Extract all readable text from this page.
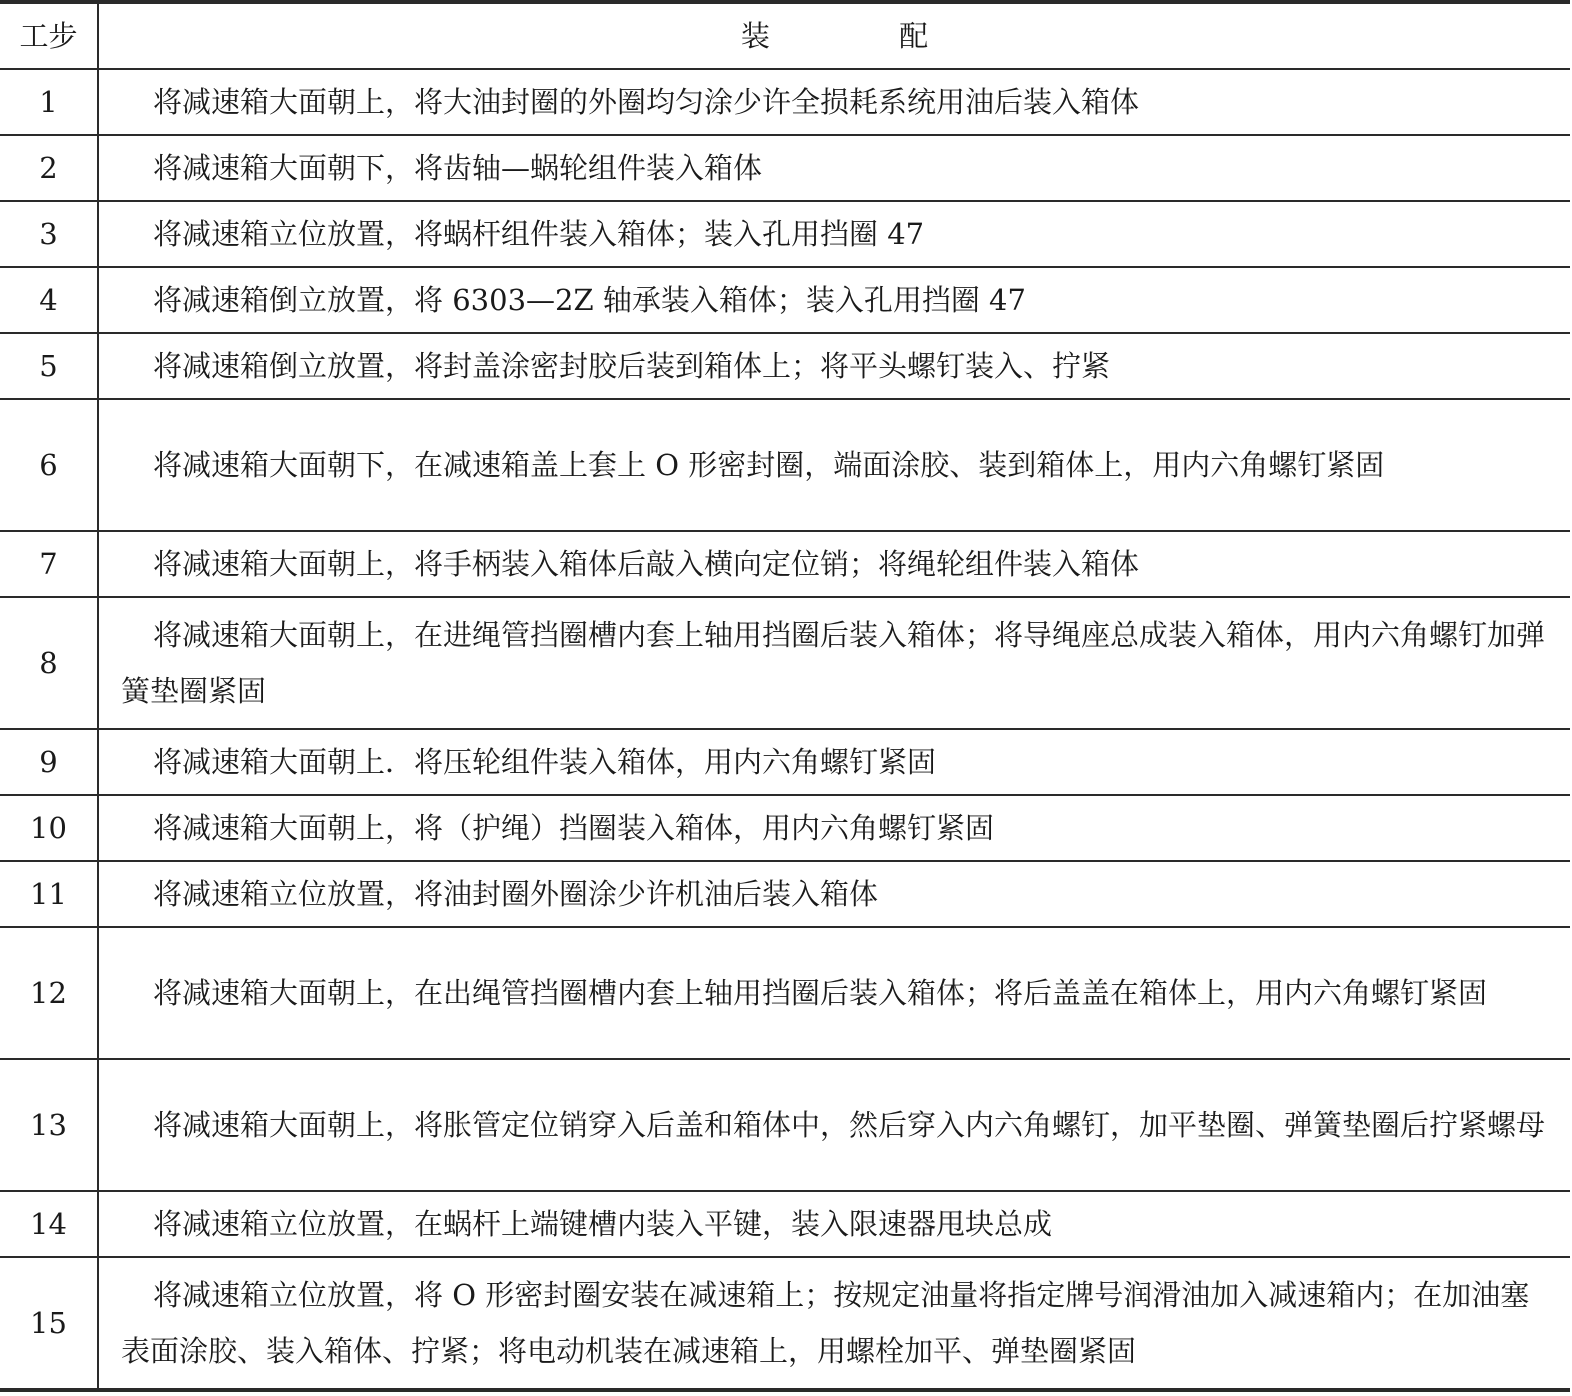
工步	装 配
1	将减速箱大面朝上，将大油封圈的外圈均匀涂少许全损耗系统用油后装入箱体

2	将减速箱大面朝下，将齿轴—蜗轮组件装入箱体

3	将减速箱立位放置，将蜗杆组件装入箱体；装入孔用挡圈 47

4	将减速箱倒立放置，将 6303—2Z 轴承装入箱体；装入孔用挡圈 47

5	将减速箱倒立放置，将封盖涂密封胶后装到箱体上；将平头螺钉装入、拧紧

6	将减速箱大面朝下，在减速箱盖上套上 O 形密封圈，端面涂胶、装到箱体上，用内六角螺钉紧固

7	将减速箱大面朝上，将手柄装入箱体后敲入横向定位销；将绳轮组件装入箱体

8	将减速箱大面朝上，在进绳管挡圈槽内套上轴用挡圈后装入箱体；将导绳座总成装入箱体，用内六角螺钉加弹簧垫圈紧固

9	将减速箱大面朝上．将压轮组件装入箱体，用内六角螺钉紧固

10	将减速箱大面朝上，将（护绳）挡圈装入箱体，用内六角螺钉紧固

11	将减速箱立位放置，将油封圈外圈涂少许机油后装入箱体

12	将减速箱大面朝上，在出绳管挡圈槽内套上轴用挡圈后装入箱体；将后盖盖在箱体上，用内六角螺钉紧固

13	将减速箱大面朝上，将胀管定位销穿入后盖和箱体中，然后穿入内六角螺钉，加平垫圈、弹簧垫圈后拧紧螺母

14	将减速箱立位放置，在蜗杆上端键槽内装入平键，装入限速器甩块总成

15	将减速箱立位放置，将 O 形密封圈安装在减速箱上；按规定油量将指定牌号润滑油加入减速箱内；在加油塞表面涂胶、装入箱体、拧紧；将电动机装在减速箱上，用螺栓加平、弹垫圈紧固
